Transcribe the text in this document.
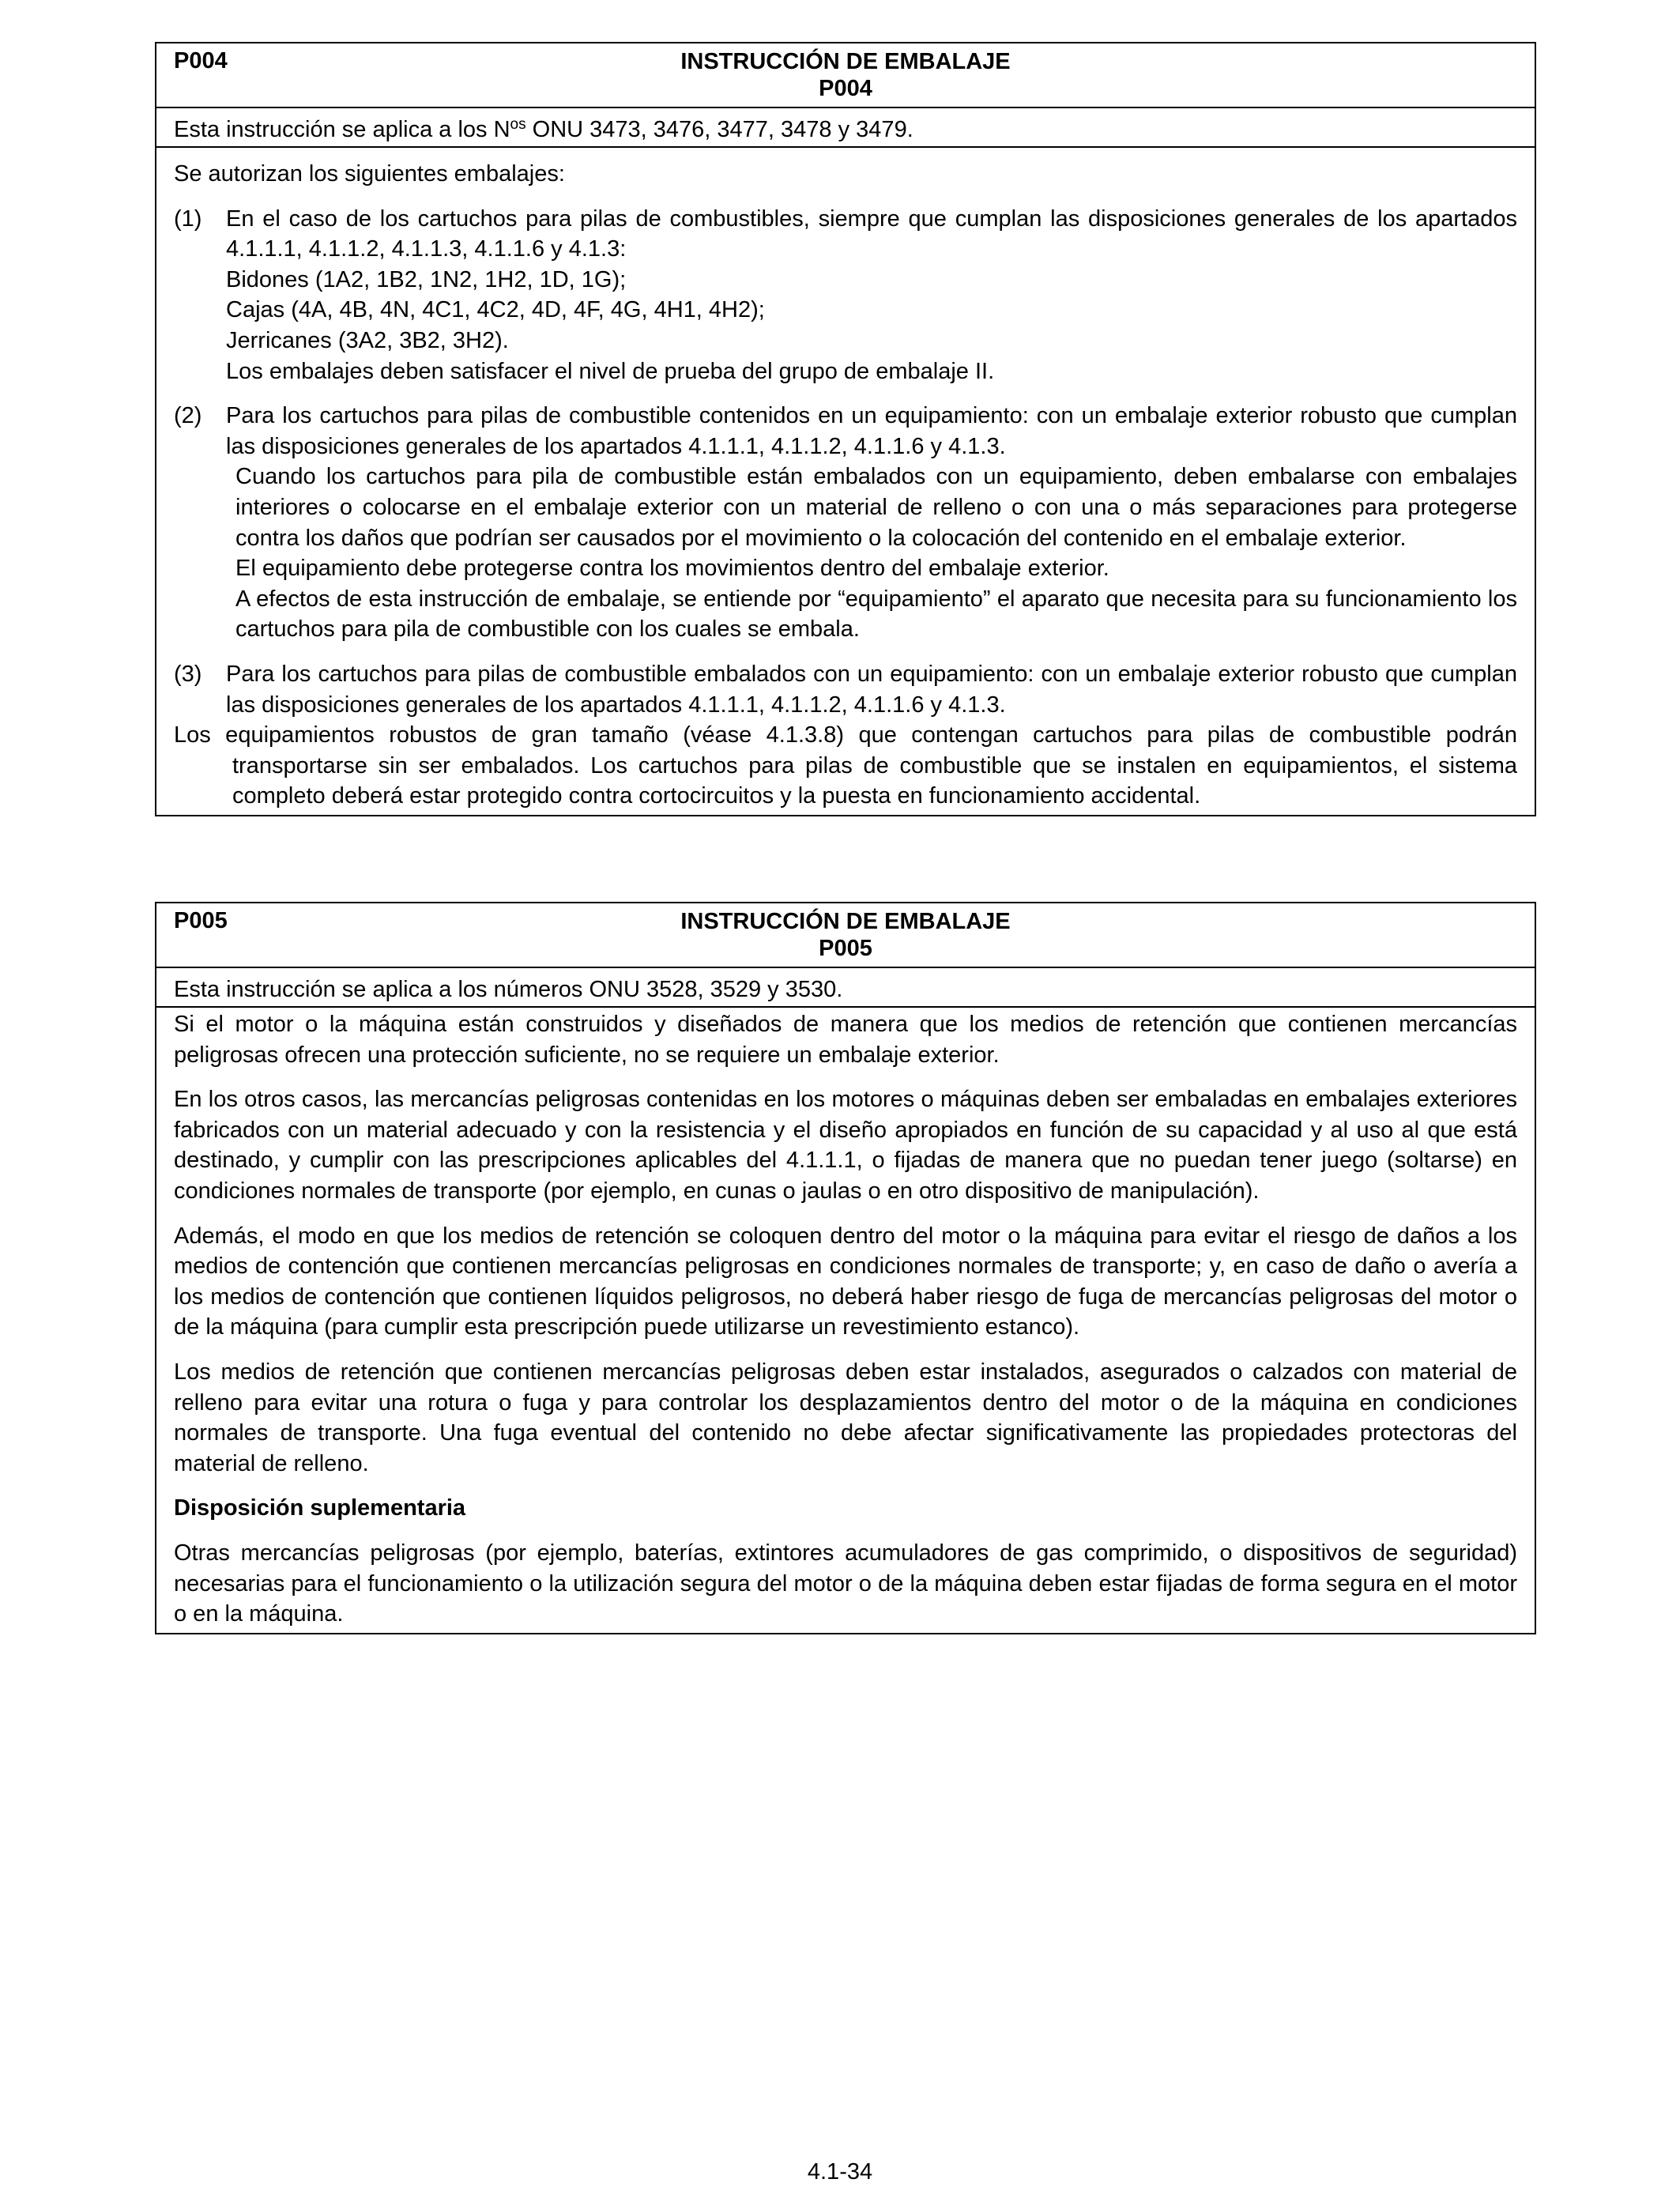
P004	INSTRUCCIÓN DE EMBALAJE
P004
Esta instrucción se aplica a los $N^{os}$ ONU 3473, 3476, 3477, 3478 y 3479.

Se autorizan los siguientes embalajes:

(1)	En el caso de los cartuchos para pilas de combustibles, siempre que cumplan las disposiciones generales de los apartados 4.1.1.1, 4.1.1.2, 4.1.1.3, 4.1.1.6 y 4.1.3:

Bidones (1A2, 1B2, 1N2, 1H2, 1D, 1G);

Cajas (4A, 4B, 4N, 4C1, 4C2, 4D, 4F, 4G, 4H1, 4H2);

Jerricanes (3A2, 3B2, 3H2).

Los embalajes deben satisfacer el nivel de prueba del grupo de embalaje II.

(2)	Para los cartuchos para pilas de combustible contenidos en un equipamiento: con un embalaje exterior robusto que cumplan las disposiciones generales de los apartados 4.1.1.1, 4.1.1.2, 4.1.1.6 y 4.1.3.

Cuando los cartuchos para pila de combustible están embalados con un equipamiento, deben embalarse con embalajes interiores o colocarse en el embalaje exterior con un material de relleno o con una o más separaciones para protegerse contra los daños que podrían ser causados por el movimiento o la colocación del contenido en el embalaje exterior.

El equipamiento debe protegerse contra los movimientos dentro del embalaje exterior.

A efectos de esta instrucción de embalaje, se entiende por “equipamiento” el aparato que necesita para su funcionamiento los cartuchos para pila de combustible con los cuales se embala.

(3)	Para los cartuchos para pilas de combustible embalados con un equipamiento: con un embalaje exterior robusto que cumplan las disposiciones generales de los apartados 4.1.1.1, 4.1.1.2, 4.1.1.6 y 4.1.3.

Los equipamientos robustos de gran tamaño (véase 4.1.3.8) que contengan cartuchos para pilas de combustible podrán transportarse sin ser embalados. Los cartuchos para pilas de combustible que se instalen en equipamientos, el sistema completo deberá estar protegido contra cortocircuitos y la puesta en funcionamiento accidental.

P005	INSTRUCCIÓN DE EMBALAJE
P005
Esta instrucción se aplica a los números ONU 3528, 3529 y 3530.

Si el motor o la máquina están construidos y diseñados de manera que los medios de retención que contienen mercancías peligrosas ofrecen una protección suficiente, no se requiere un embalaje exterior.

En los otros casos, las mercancías peligrosas contenidas en los motores o máquinas deben ser embaladas en embalajes exteriores fabricados con un material adecuado y con la resistencia y el diseño apropiados en función de su capacidad y al uso al que está destinado, y cumplir con las prescripciones aplicables del 4.1.1.1, o fijadas de manera que no puedan tener juego (soltarse) en condiciones normales de transporte (por ejemplo, en cunas o jaulas o en otro dispositivo de manipulación).

Además, el modo en que los medios de retención se coloquen dentro del motor o la máquina para evitar el riesgo de daños a los medios de contención que contienen mercancías peligrosas en condiciones normales de transporte; y, en caso de daño o avería a los medios de contención que contienen líquidos peligrosos, no deberá haber riesgo de fuga de mercancías peligrosas del motor o de la máquina (para cumplir esta prescripción puede utilizarse un revestimiento estanco).

Los medios de retención que contienen mercancías peligrosas deben estar instalados, asegurados o calzados con material de relleno para evitar una rotura o fuga y para controlar los desplazamientos dentro del motor o de la máquina en condiciones normales de transporte. Una fuga eventual del contenido no debe afectar significativamente las propiedades protectoras del material de relleno.

Disposición suplementaria

Otras mercancías peligrosas (por ejemplo, baterías, extintores acumuladores de gas comprimido, o dispositivos de seguridad) necesarias para el funcionamiento o la utilización segura del motor o de la máquina deben estar fijadas de forma segura en el motor o en la máquina.

4.1-34
